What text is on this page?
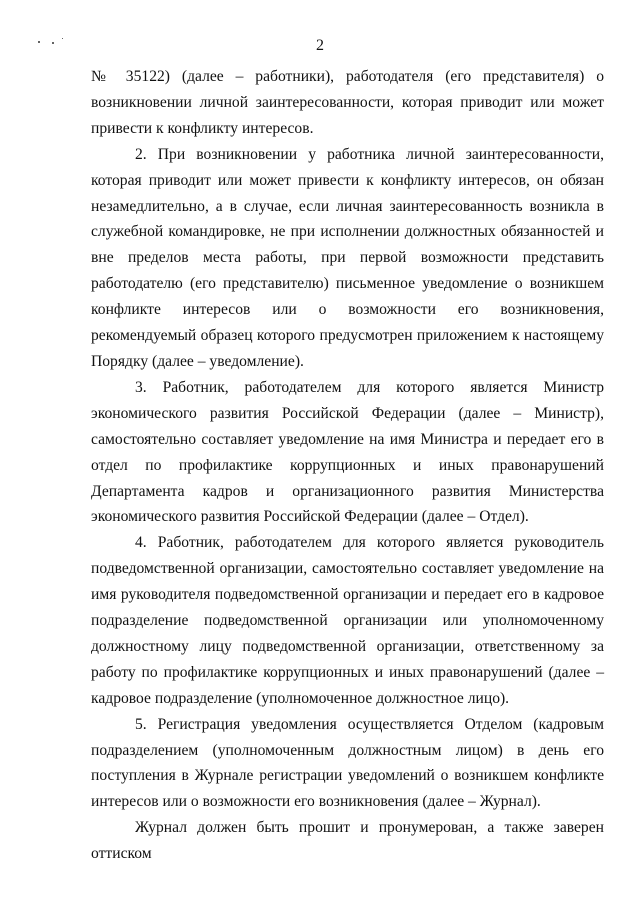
2

№ 35122) (далее – работники), работодателя (его представителя) о возникновении личной заинтересованности, которая приводит или может привести к конфликту интересов.

2. При возникновении у работника личной заинтересованности, которая приводит или может привести к конфликту интересов, он обязан незамедлительно, а в случае, если личная заинтересованность возникла в служебной командировке, не при исполнении должностных обязанностей и вне пределов места работы, при первой возможности представить работодателю (его представителю) письменное уведомление о возникшем конфликте интересов или о возможности его возникновения, рекомендуемый образец которого предусмотрен приложением к настоящему Порядку (далее – уведомление).

3. Работник, работодателем для которого является Министр экономического развития Российской Федерации (далее – Министр), самостоятельно составляет уведомление на имя Министра и передает его в отдел по профилактике коррупционных и иных правонарушений Департамента кадров и организационного развития Министерства экономического развития Российской Федерации (далее – Отдел).

4. Работник, работодателем для которого является руководитель подведомственной организации, самостоятельно составляет уведомление на имя руководителя подведомственной организации и передает его в кадровое подразделение подведомственной организации или уполномоченному должностному лицу подведомственной организации, ответственному за работу по профилактике коррупционных и иных правонарушений (далее – кадровое подразделение (уполномоченное должностное лицо).

5. Регистрация уведомления осуществляется Отделом (кадровым подразделением (уполномоченным должностным лицом) в день его поступления в Журнале регистрации уведомлений о возникшем конфликте интересов или о возможности его возникновения (далее – Журнал).

Журнал должен быть прошит и пронумерован, а также заверен оттиском
